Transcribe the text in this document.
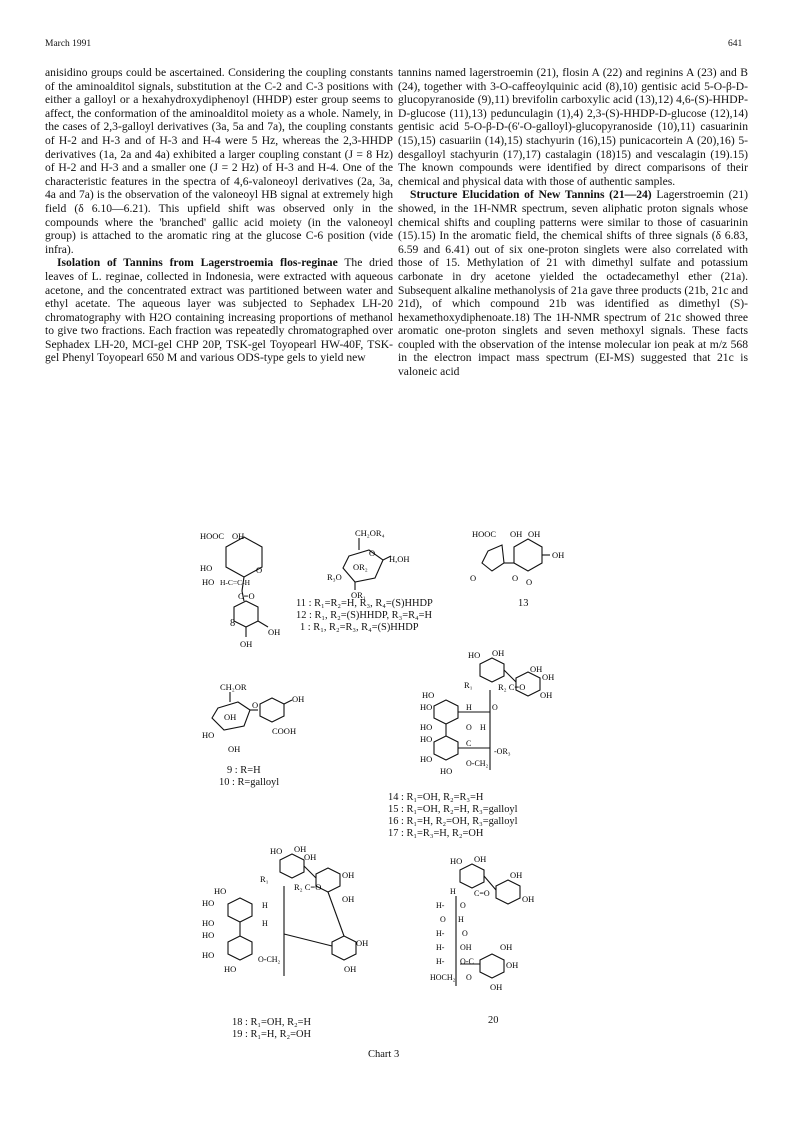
March 1991	641

anisidino groups could be ascertained. Considering the coupling constants of the aminoalditol signals, substitution at the C-2 and C-3 positions with either a galloyl or a hexahydroxydiphenoyl (HHDP) ester group seems to affect, the conformation of the aminoalditol moiety as a whole. Namely, in the cases of 2,3-galloyl derivatives (3a, 5a and 7a), the coupling constants of H-2 and H-3 and of H-3 and H-4 were 5 Hz, whereas the 2,3-HHDP derivatives (1a, 2a and 4a) exhibited a larger coupling constant (J = 8 Hz) of H-2 and H-3 and a smaller one (J = 2 Hz) of H-3 and H-4. One of the characteristic features in the spectra of 4,6-valoneoyl derivatives (2a, 3a, 4a and 7a) is the observation of the valoneoyl HB signal at extremely high field (δ 6.10—6.21). This upfield shift was observed only in the compounds where the 'branched' gallic acid moiety (in the valoneoyl group) is attached to the aromatic ring at the glucose C-6 position (vide infra).

Isolation of Tannins from Lagerstroemia flos-reginae The dried leaves of L. reginae, collected in Indonesia, were extracted with aqueous acetone, and the concentrated extract was partitioned between water and ethyl acetate. The aqueous layer was subjected to Sephadex LH-20 chromatography with H2O containing increasing proportions of methanol to give two fractions. Each fraction was repeatedly chromatographed over Sephadex LH-20, MCI-gel CHP 20P, TSK-gel Toyopearl HW-40F, TSK-gel Phenyl Toyopearl 650 M and various ODS-type gels to yield new

tannins named lagerstroemin (21), flosin A (22) and reginins A (23) and B (24), together with 3-O-caffeoylquinic acid (8),10) gentisic acid 5-O-β-D-glucopyranoside (9),11) brevifolin carboxylic acid (13),12) 4,6-(S)-HHDP-D-glucose (11),13) pedunculagin (1),4) 2,3-(S)-HHDP-D-glucose (12),14) gentisic acid 5-O-β-D-(6'-O-galloyl)-glucopyranoside (10),11) casuarinin (15),15) casuariin (14),15) stachyurin (16),15) punicacortein A (20),16) 5-desgalloyl stachyurin (17),17) castalagin (18)15) and vescalagin (19).15) The known compounds were identified by direct comparisons of their chemical and physical data with those of authentic samples.

Structure Elucidation of New Tannins (21—24) Lagerstroemin (21) showed, in the 1H-NMR spectrum, seven aliphatic proton signals whose chemical shifts and coupling patterns were similar to those of casuarinin (15).15) In the aromatic field, the chemical shifts of three signals (δ 6.83, 6.59 and 6.41) out of six one-proton singlets were also correlated with those of 15. Methylation of 21 with dimethyl sulfate and potassium carbonate in dry acetone yielded the octadecamethyl ether (21a). Subsequent alkaline methanolysis of 21a gave three products (21b, 21c and 21d), of which compound 21b was identified as dimethyl (S)-hexamethoxydiphenoate.18) The 1H-NMR spectrum of 21c showed three aromatic one-proton singlets and seven methoxyl signals. These facts coupled with the observation of the intense molecular ion peak at m/z 568 in the electron impact mass spectrum (EI-MS) suggested that 21c is valoneic acid

HOOC OH
HO	O
HO H-C=C-H
C=O
OH
OH
8
CH₂OR₄
O
OR₂
H,OH
R₃O
OR₁
11 : R₁=R₂=H, R₃, R₄=(S)HHDP
12 : R₁, R₂=(S)HHDP, R₃=R₄=H
1 : R₁, R₂=R₃, R₄=(S)HHDP
HOOC OH OH
OH
O	O O
13
CH₂OR
O
OH
OH
COOH
HO
OH
9 : R=H
10 : R=galloyl
HO OH
OH
OH
R₁	R₂ C=O
OH
HO
HO	H	O
HO	O H
HO	C
-OR₃
HO	O-CH₂
HO
14 : R₁=OH, R₂=R₃=H
15 : R₁=OH, R₂=H, R₃=galloyl
16 : R₁=H, R₂=OH, R₃=galloyl
17 : R₁=R₃=H, R₂=OH
HO OH
OH
OH
R₁
R₂ C=O
OH
HO
HO	H
HO	H
HO
OH
HO	O-CH₂
OH
HO
18 : R₁=OH, R₂=H
19 : R₁=H, R₂=OH
HO OH
OH
H C=O
OH
H- O
O H
H- O
H- OH	OH
H- O-C	OH
HOCH₂ O
OH
20
Chart 3
